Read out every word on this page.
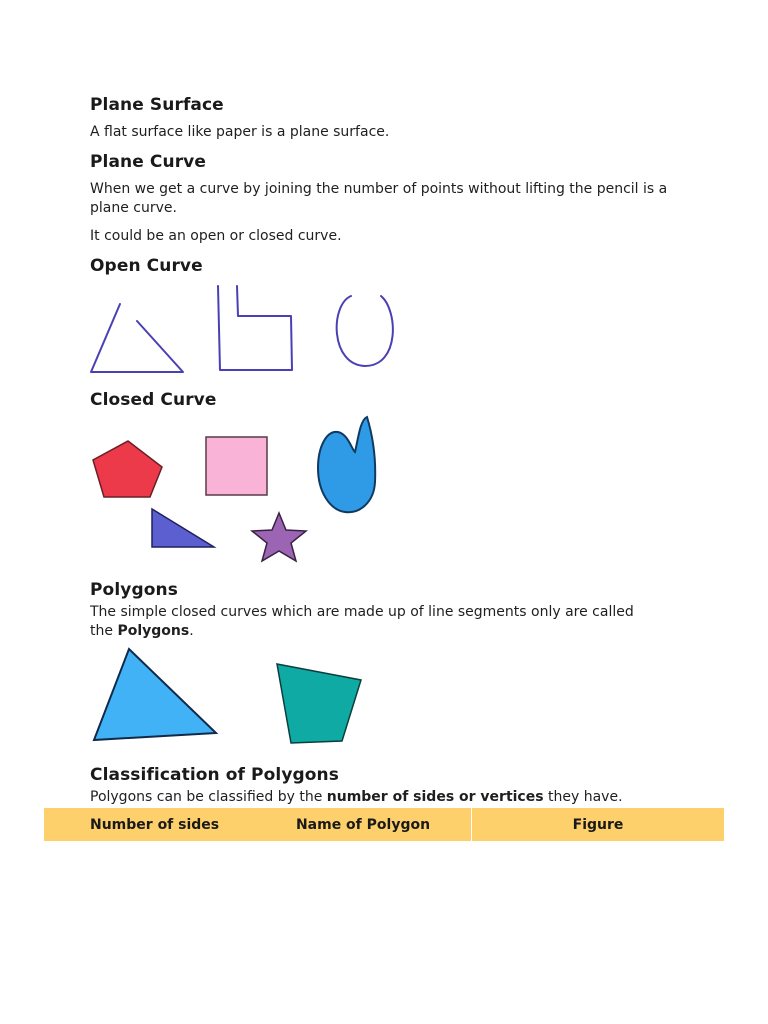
Plane Surface

A flat surface like paper is a plane surface.

Plane Curve

When we get a curve by joining the number of points without lifting the pencil is a plane curve.

It could be an open or closed curve.

Open Curve
Closed Curve
Polygons

The simple closed curves which are made up of line segments only are called the Polygons.

Classification of Polygons

Polygons can be classified by the number of sides or vertices they have.

Number of sides	Name of Polygon	Figure
